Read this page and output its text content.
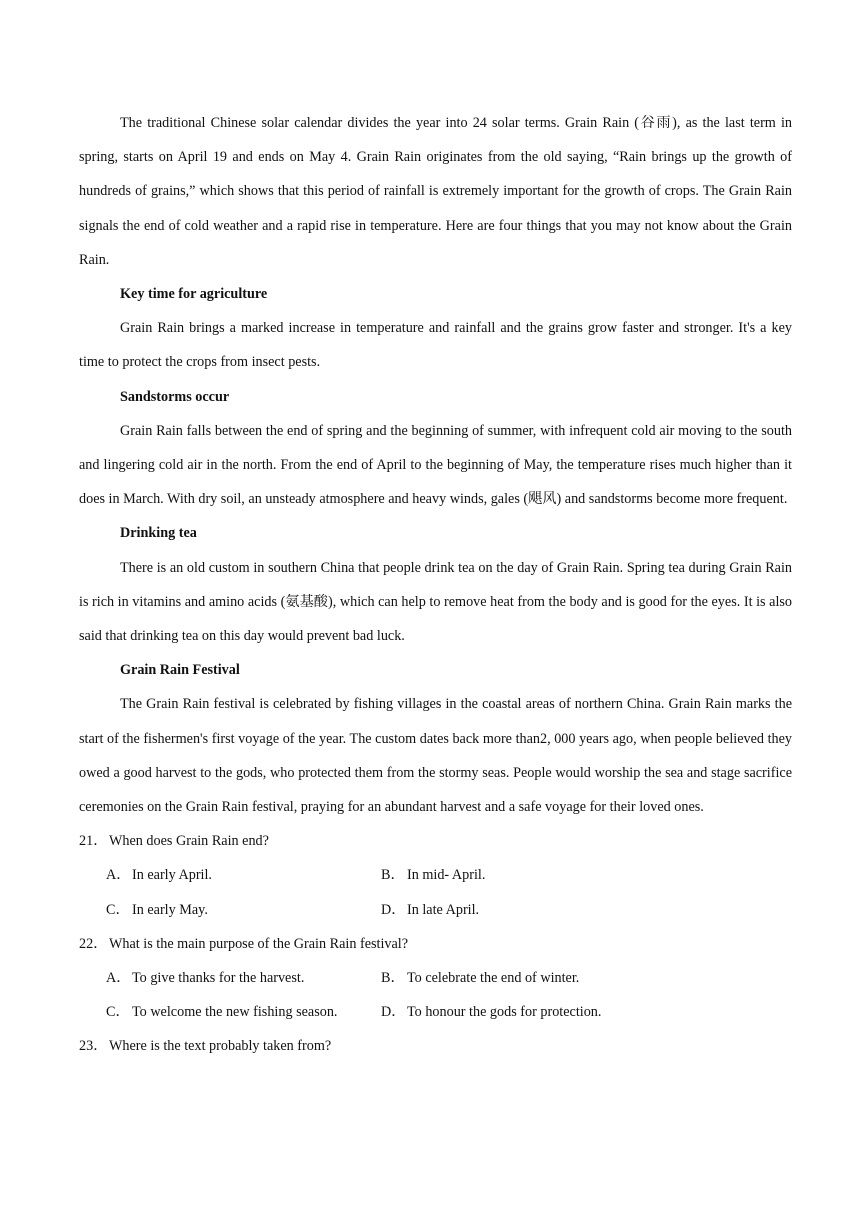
The traditional Chinese solar calendar divides the year into 24 solar terms. Grain Rain (谷雨), as the last term in spring, starts on April 19 and ends on May 4. Grain Rain originates from the old saying, “Rain brings up the growth of hundreds of grains,” which shows that this period of rainfall is extremely important for the growth of crops. The Grain Rain signals the end of cold weather and a rapid rise in temperature. Here are four things that you may not know about the Grain Rain.

Key time for agriculture

Grain Rain brings a marked increase in temperature and rainfall and the grains grow faster and stronger. It's a key time to protect the crops from insect pests.

Sandstorms occur

Grain Rain falls between the end of spring and the beginning of summer, with infrequent cold air moving to the south and lingering cold air in the north. From the end of April to the beginning of May, the temperature rises much higher than it does in March. With dry soil, an unsteady atmosphere and heavy winds, gales (飓风) and sandstorms become more frequent.

Drinking tea

There is an old custom in southern China that people drink tea on the day of Grain Rain. Spring tea during Grain Rain is rich in vitamins and amino acids (氨基酸), which can help to remove heat from the body and is good for the eyes. It is also said that drinking tea on this day would prevent bad luck.

Grain Rain Festival

The Grain Rain festival is celebrated by fishing villages in the coastal areas of northern China. Grain Rain marks the start of the fishermen's first voyage of the year. The custom dates back more than2, 000 years ago, when people believed they owed a good harvest to the gods, who protected them from the stormy seas. People would worship the sea and stage sacrifice ceremonies on the Grain Rain festival, praying for an abundant harvest and a safe voyage for their loved ones.

21． When does Grain Rain end?

A． In early April.	B． In mid- April.
C． In early May.	D． In late April.

22． What is the main purpose of the Grain Rain festival?

A． To give thanks for the harvest.	B． To celebrate the end of winter.
C． To welcome the new fishing season.	D． To honour the gods for protection.

23． Where is the text probably taken from?
